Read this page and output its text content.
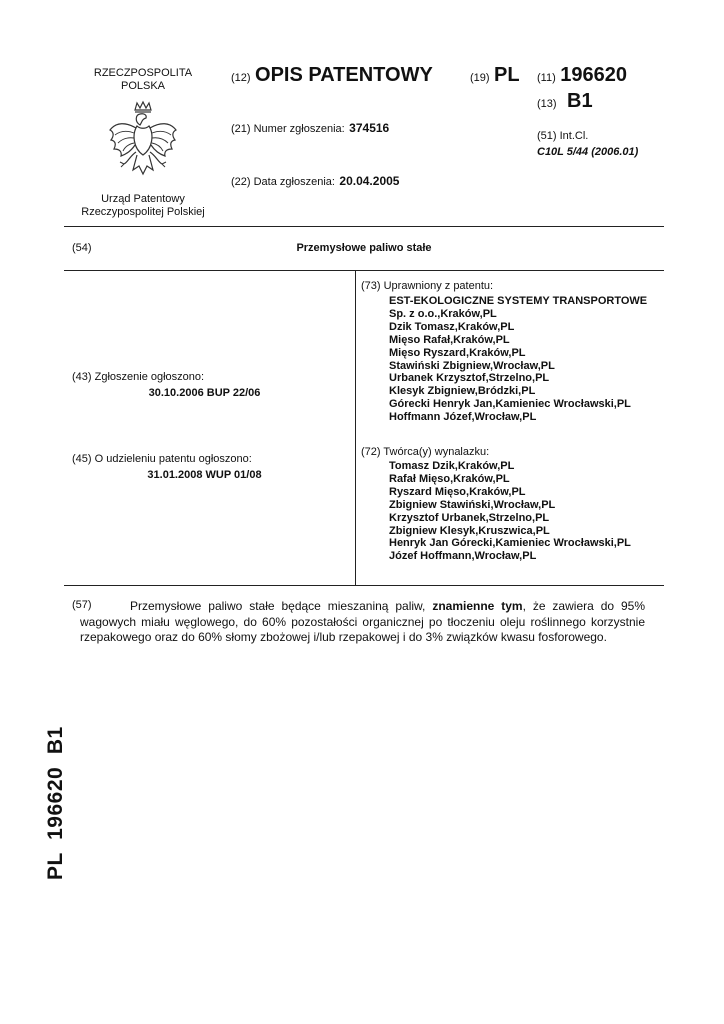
RZECZPOSPOLITA
POLSKA
Urząd Patentowy
Rzeczypospolitej Polskiej
(12) OPIS PATENTOWY	(19) PL (11) 196620
(13) B1
(21) Numer zgłoszenia: 374516
(51) Int.Cl.
C10L 5/44 (2006.01)
(22) Data zgłoszenia: 20.04.2005
(54)	Przemysłowe paliwo stałe
(43) Zgłoszenie ogłoszono:
30.10.2006 BUP 22/06
(45) O udzieleniu patentu ogłoszono:
31.01.2008 WUP 01/08
(73) Uprawniony z patentu:
EST-EKOLOGICZNE SYSTEMY TRANSPORTOWE
Sp. z o.o.,Kraków,PL
Dzik Tomasz,Kraków,PL
Mięso Rafał,Kraków,PL
Mięso Ryszard,Kraków,PL
Stawiński Zbigniew,Wrocław,PL
Urbanek Krzysztof,Strzelno,PL
Klesyk Zbigniew,Bródzki,PL
Górecki Henryk Jan,Kamieniec Wrocławski,PL
Hoffmann Józef,Wrocław,PL
(72) Twórca(y) wynalazku:
Tomasz Dzik,Kraków,PL
Rafał Mięso,Kraków,PL
Ryszard Mięso,Kraków,PL
Zbigniew Stawiński,Wrocław,PL
Krzysztof Urbanek,Strzelno,PL
Zbigniew Klesyk,Kruszwica,PL
Henryk Jan Górecki,Kamieniec Wrocławski,PL
Józef Hoffmann,Wrocław,PL
(57)	Przemysłowe paliwo stałe będące mieszaniną paliw, znamienne tym, że zawiera do 95% wagowych miału węglowego, do 60% pozostałości organicznej po tłoczeniu oleju roślinnego korzystnie rzepakowego oraz do 60% słomy zbożowej i/lub rzepakowej i do 3% związków kwasu fosforowego.
PL  196620  B1
